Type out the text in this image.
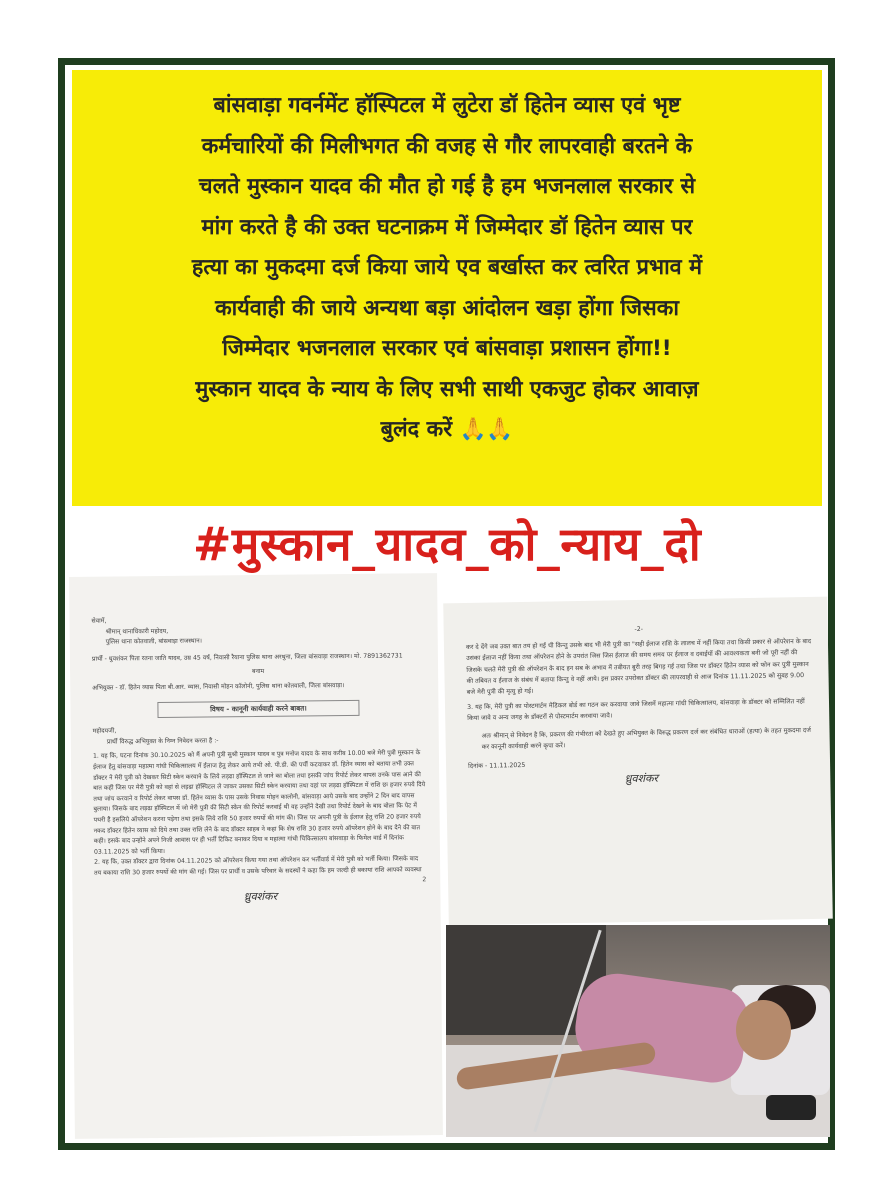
बांसवाड़ा गवर्नमेंट हॉस्पिटल में लुटेरा डॉ हितेन व्यास एवं भृष्ट

कर्मचारियों की मिलीभगत की वजह से गौर लापरवाही बरतने के

चलते मुस्कान यादव की मौत हो गई है हम भजनलाल सरकार से

मांग करते है की उक्त घटनाक्रम में जिम्मेदार डॉ हितेन व्यास पर

हत्या का मुकदमा दर्ज किया जाये एव बर्खास्त कर त्वरित प्रभाव में

कार्यवाही की जाये अन्यथा बड़ा आंदोलन खड़ा होंगा जिसका

जिम्मेदार भजनलाल सरकार एवं बांसवाड़ा प्रशासन होंगा!!

मुस्कान यादव के न्याय के लिए सभी साथी एकजुट होकर आवाज़

बुलंद करें 🙏🙏

#मुस्कान_यादव_को_न्याय_दो

सेवामें,

श्रीमान् थानाधिकारी महोदय,

पुलिस थाना कोतवाली, बांसवाड़ा राजस्थान।

प्रार्थी - धुवशंकर पिता रतना जाति यादव, उम्र 45 वर्ष, निवासी रैयाना पुलिस थाना अरथुना, जिला बांसवाड़ा राजस्थान। मो. 7891362731

बनाम

अभियुक्त - डॉ. हितेन व्यास पिता बी.आर. व्यास, निवासी मोहन कॉलोनी, पुलिस थाना कोतवाली, जिला बांसवाड़ा।

विषय - कानूनी कार्यवाही करने बाबत।

महोदयजी,

प्रार्थी विरुद्ध अभियुक्त के निम्न निवेदन करता है :-

1. यह कि, घटना दिनांक 30.10.2025 को मैं अपनी पुत्री सुश्री मुस्कान यादव व पुत्र मनोज यादव के साथ करीब 10.00 बजे मेरी पुत्री मुस्कान के ईलाज हेतु बांसवाड़ा महात्मा गांधी चिकित्सालय में ईलाज हेतु लेकर आये तभी ओ. पी.डी. की पर्ची कटवाकर डॉ. हितेन व्यास को बताया तभी उक्त डॉक्टर ने मेरी पुत्री को देखकर सिटी स्केन करवाने के लिये लड़ढा हॉस्पिटल ले जाने का बोला तथा इसकी जांच रिपोर्ट लेकर वापस उनके पास आने की बात कही जिस पर मेरी पुत्री को वहां से लड़ढा हॉस्पिटल ले जाकर उसका सिटी स्केन करवाया तथा वहां पर लड़ढा हॉस्पिटल में राशि छः हजार रुपये दिये तथा जांच करवाने व रिपोर्ट लेकर वापस डॉ. हितेन व्यास के पास उसके निवास मोहन कालोनी, बांसवाड़ा आये उसके बाद उन्होंने 2 दिन बाद वापस बुलाया। जिसके बाद लड़ढा हॉस्पिटल में जो मेरी पुत्री की सिटी स्केन की रिपोर्ट करवाई थी वह उन्होंने देखी तथा रिपोर्ट देखने के बाद बोला कि पेट में पथरी है इसलिये ऑपरेशन करना पड़ेगा तथा इसके लिये राशि 50 हजार रुपयों की मांग की। जिस पर अपनी पुत्री के ईलाज हेतु राशि 20 हजार रुपये नकद डॉक्टर हितेन व्यास को दिये तथा उक्त राशि लेने के बाद डॉक्टर साहब ने कहा कि शेष राशि 30 हजार रुपये ऑपरेशन होने के बाद देने की बात कही। इसके बाद उन्होंने अपने निजी आवास पर ही भर्ती टिकिट बनाकर दिया व महात्मा गांधी चिकित्सालय बांसवाड़ा के फिमेल वार्ड में दिनांक 03.11.2025 को भर्ती किया।

2. यह कि, उक्त डॉक्टर द्वारा दिनांक 04.11.2025 को ऑपरेशन किया गया तथा ऑपरेशन कर भर्तीवार्ड में मेरी पुत्री को भर्ती किया। जिसके बाद तय बकाया राशि 30 हजार रुपयों की मांग की गई। जिस पर प्रार्थी व उसके परिवार के सदस्यों ने कहा कि हम जल्दी ही बकाया राशि आपको व्यवस्था

2

ध्रुवशंकर

-2-

कर दे देंगे जब उक्त बात तय हो गई थी किन्तु उसके बाद भी मेरी पुत्री का "सही ईलाज राशि के लालच में नहीं किया तथा किसी प्रकार से ऑपरेशन के बाद उसका ईलाज नहीं किया तथा ऑपरेशन होने के उपरांत जिस जिस ईलाज की समय समय पर ईलाज व दवाईयों की आवश्यकता बनी जो पूरी नहीं की जिसके चलते मेरी पुत्री की ऑपरेशन के बाद इन सब के अभाव में तबीयत बुरी तरह बिगड़ गई तथा जिस पर डॉक्टर हितेन व्यास को फोन कर पुत्री मुस्कान की तबियत व ईलाज के संबंध में बताया किन्तु वे नहीं आये। इस प्रकार उपरोक्त डॉक्टर की लापरवाही से आज दिनांक 11.11.2025 को सुबह 9.00 बजे मेरी पुत्री की मृत्यु हो गई।

3. यह कि, मेरी पुत्री का पोस्टमार्टम मेडिकल बोर्ड का गठन कर करवाया जावे जिसमें महात्मा गांधी चिकित्सालय, बांसवाड़ा के डॉक्टर को सम्मिलित नहीं किया जावे व अन्य जगह के डॉक्टरों से पोस्टमार्टम करवाया जावे।

अतः श्रीमान् से निवेदन है कि, प्रकरण की गंभीरता को देखते हुए अभियुक्त के विरुद्ध प्रकरण दर्ज कर संबंधित धाराओं (हत्या) के तहत मुकदमा दर्ज कर कानूनी कार्यवाही करने कृपा करें।

दिनांक - 11.11.2025

ध्रुवशंकर
